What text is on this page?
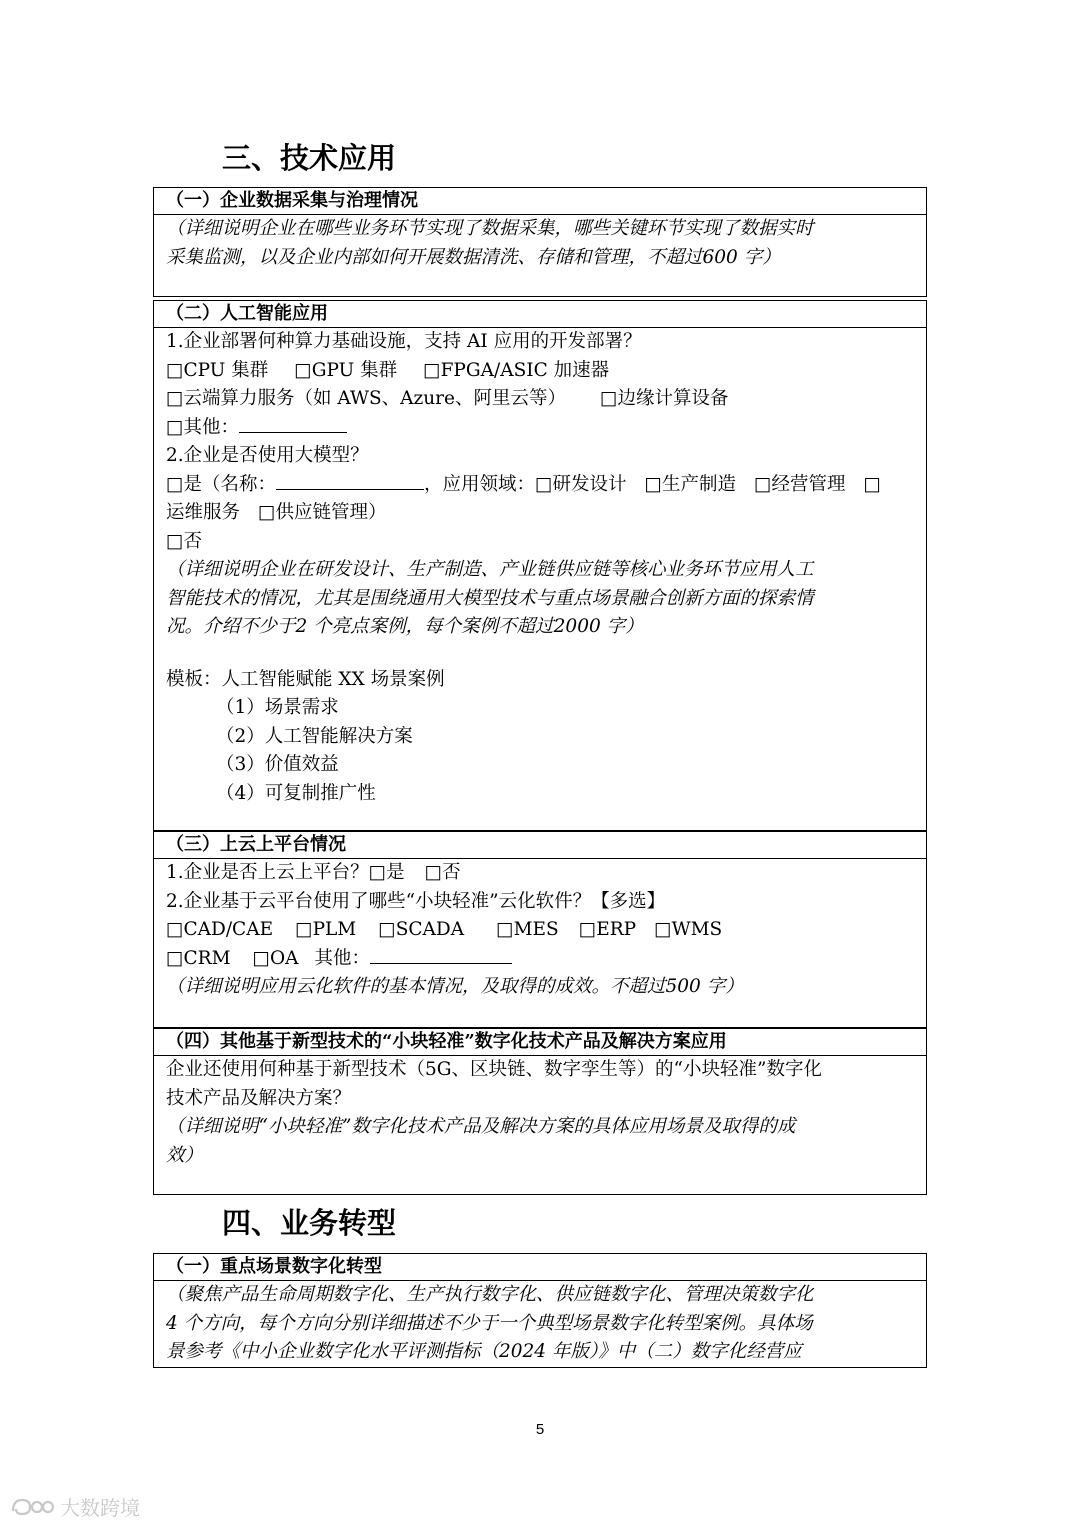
三、技术应用
（一）企业数据采集与治理情况

（详细说明企业在哪些业务环节实现了数据采集，哪些关键环节实现了数据实时
采集监测，以及企业内部如何开展数据清洗、存储和管理，不超过600 字）
（二）人工智能应用

1.企业部署何种算力基础设施，支持 AI 应用的开发部署？
□CPU 集群 □GPU 集群 □FPGA/ASIC 加速器
□云端算力服务（如 AWS、Azure、阿里云等） □边缘计算设备
□其他：
2.企业是否使用大模型？
□是（名称：	，应用领域：□研发设计 □生产制造 □经营管理 □
运维服务 □供应链管理）
□否
（详细说明企业在研发设计、生产制造、产业链供应链等核心业务环节应用人工
智能技术的情况，尤其是围绕通用大模型技术与重点场景融合创新方面的探索情
况。介绍不少于2 个亮点案例，每个案例不超过2000 字）
模板：人工智能赋能 XX 场景案例
（1）场景需求
（2）人工智能解决方案
（3）价值效益
（4）可复制推广性
（三）上云上平台情况

1.企业是否上云上平台？□是 □否
2.企业基于云平台使用了哪些“小块轻准”云化软件？【多选】
□CAD/CAE □PLM □SCADA □MES □ERP □WMS
□CRM □OA 其他：
（详细说明应用云化软件的基本情况，及取得的成效。不超过500 字）
（四）其他基于新型技术的“小块轻准”数字化技术产品及解决方案应用

企业还使用何种基于新型技术（5G、区块链、数字孪生等）的“小块轻准”数字化
技术产品及解决方案？
（详细说明“小块轻准”数字化技术产品及解决方案的具体应用场景及取得的成
效）
四、业务转型
（一）重点场景数字化转型

（聚焦产品生命周期数字化、生产执行数字化、供应链数字化、管理决策数字化
4 个方向，每个方向分别详细描述不少于一个典型场景数字化转型案例。具体场
景参考《中小企业数字化水平评测指标（2024 年版）》中（二）数字化经营应
5
大数跨境
